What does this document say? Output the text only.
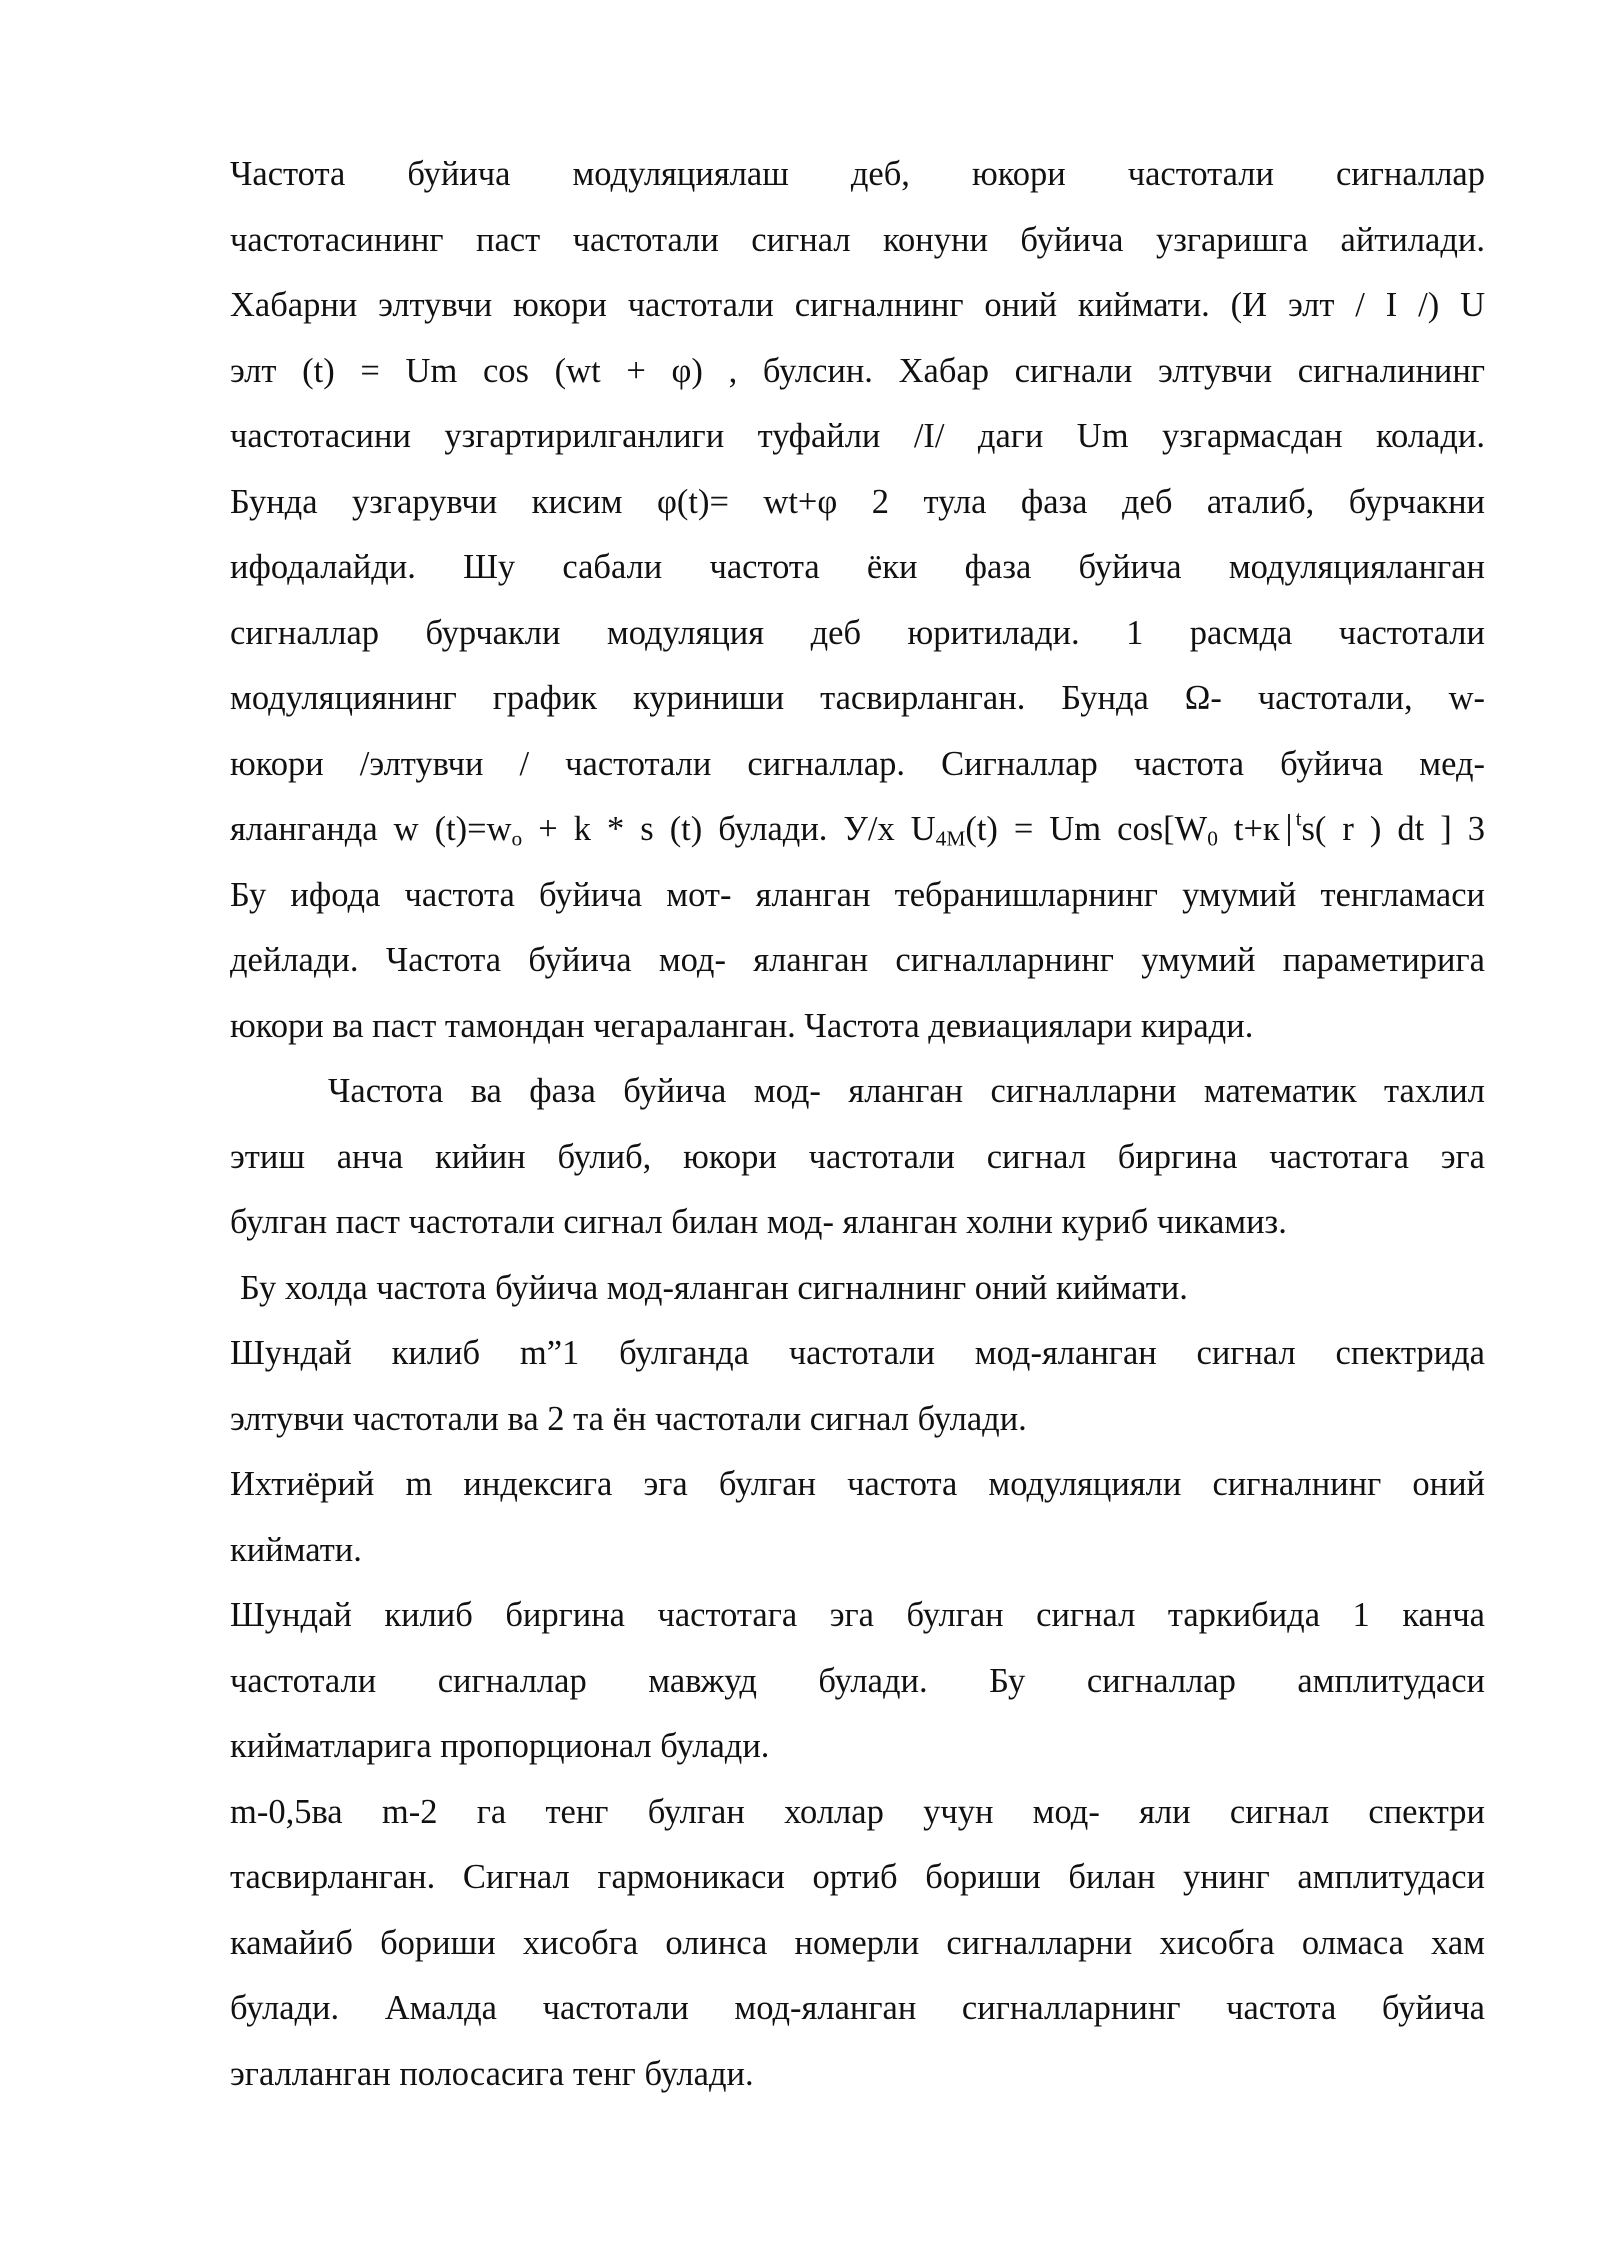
Частота буйича модуляциялаш деб, юкори частотали сигналлар
частотасининг паст частотали сигнал конуни буйича узгаришга айтилади.
Хабарни элтувчи юкори частотали сигналнинг оний киймати. (И элт / I /) U
элт (t) = Um cos (wt + φ) , булсин. Хабар сигнали элтувчи сигналининг
частотасини узгартирилганлиги туфайли /I/ даги Um узгармасдан колади.
Бунда узгарувчи кисим φ(t)= wt+φ 2 тула фаза деб аталиб, бурчакни
ифодалайди. Шу сабали частота ёки фаза буйича модуляцияланган
сигналлар бурчакли модуляция деб юритилади. 1 расмда частотали
модуляциянинг график куриниши тасвирланган. Бунда Ω- частотали, w-
юкори /элтувчи / частотали сигналлар. Сигналлар частота буйича мед-
яланганда w $(t)=w_o + k * s$ (t) булади. У/х $U_{4M}(t) = Um$ $\cos[W_0$ t+к $^t$s( r ) dt ] 3
Бу ифода частота буйича мот- яланган тебранишларнинг умумий тенгламаси
дейлади. Частота буйича мод- яланган сигналларнинг умумий параметирига
юкори ва паст тамондан чегараланган. Частота девиациялари киради.
Частота ва фаза буйича мод- яланган сигналларни математик тахлил
этиш анча кийин булиб, юкори частотали сигнал биргина частотага эга
булган паст частотали сигнал билан мод- яланган холни куриб чикамиз.
Бу холда частота буйича мод-яланган сигналнинг оний киймати.
Шундай килиб m”1 булганда частотали мод-яланган сигнал спектрида
элтувчи частотали ва 2 та ён частотали сигнал булади.
Ихтиёрий m индексига эга булган частота модуляцияли сигналнинг оний
киймати.
Шундай килиб биргина частотага эга булган сигнал таркибида 1 канча
частотали сигналлар мавжуд булади. Бу сигналлар амплитудаси
кийматларига пропорционал булади.
m-0,5ва m-2 га тенг булган холлар учун мод- яли сигнал спектри
тасвирланган. Сигнал гармоникаси ортиб бориши билан унинг амплитудаси
камайиб бориши хисобга олинса номерли сигналларни хисобга олмаса хам
булади. Амалда частотали мод-яланган сигналларнинг частота буйича
эгалланган полосасига тенг булади.
